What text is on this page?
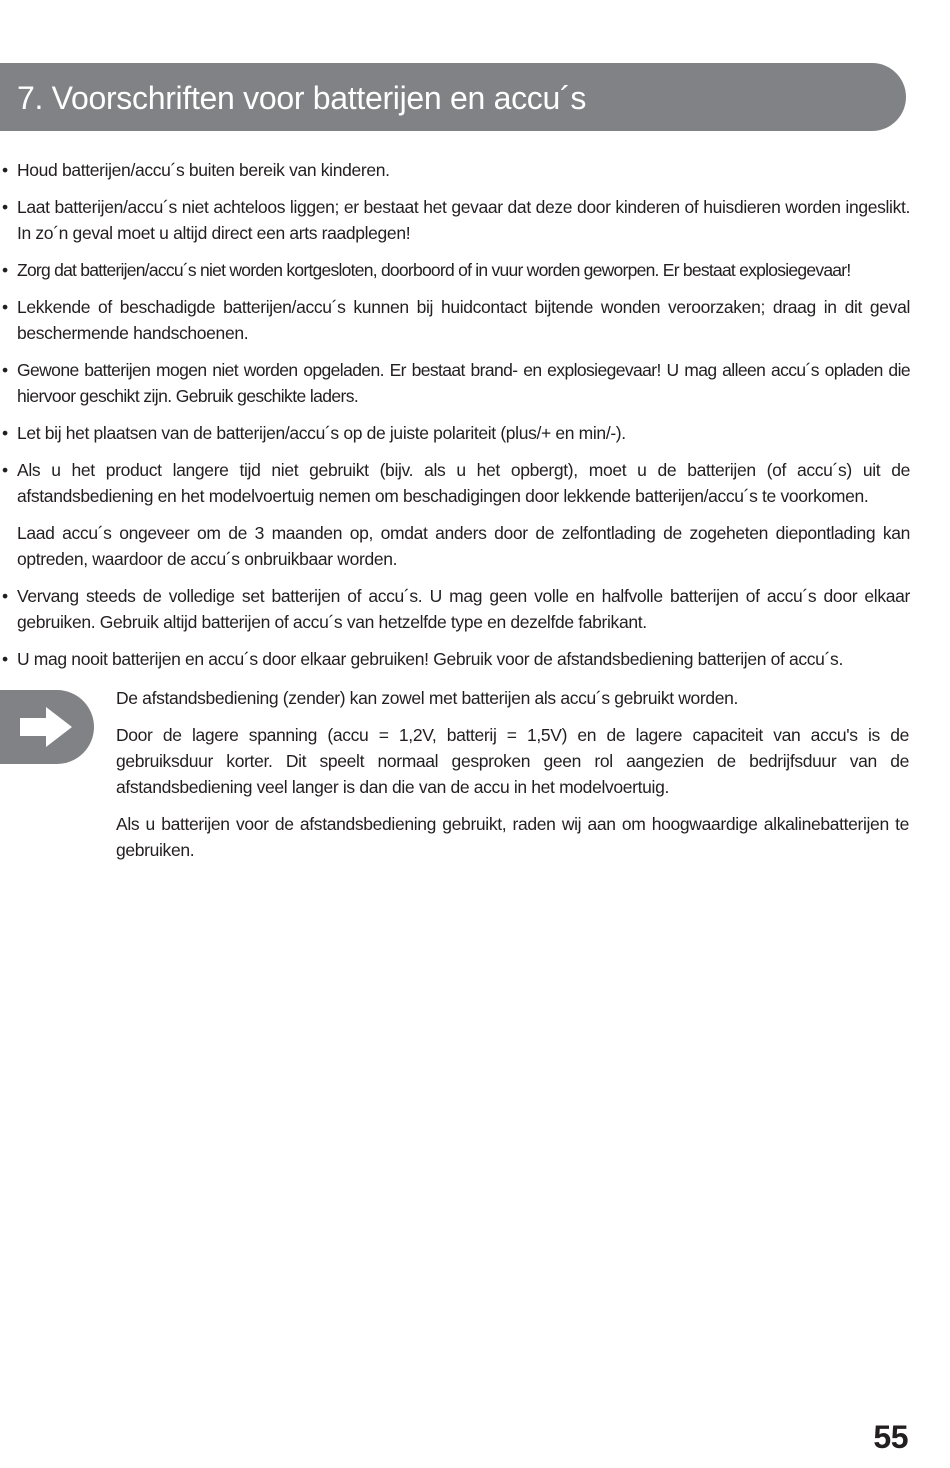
7. Voorschriften voor batterijen en accu´s
• Houd batterijen/accu´s buiten bereik van kinderen.
• Laat batterijen/accu´s niet achteloos liggen; er bestaat het gevaar dat deze door kinderen of huisdieren worden ingeslikt. In zo´n geval moet u altijd direct een arts raadplegen!
• Zorg dat batterijen/accu´s niet worden kortgesloten, doorboord of in vuur worden geworpen. Er bestaat explosiegevaar!
• Lekkende of beschadigde batterijen/accu´s kunnen bij huidcontact bijtende wonden veroorzaken; draag in dit geval beschermende handschoenen.
• Gewone batterijen mogen niet worden opgeladen. Er bestaat brand- en explosiegevaar! U mag alleen accu´s opladen die hiervoor geschikt zijn. Gebruik geschikte laders.
• Let bij het plaatsen van de batterijen/accu´s op de juiste polariteit (plus/+ en min/-).
• Als u het product langere tijd niet gebruikt (bijv. als u het opbergt), moet u de batterijen (of accu´s) uit de afstandsbediening en het modelvoertuig nemen om beschadigingen door lekkende batterijen/accu´s te voorkomen.

Laad accu´s ongeveer om de 3 maanden op, omdat anders door de zelfontlading de zogeheten diepontlading kan optreden, waardoor de accu´s onbruikbaar worden.

• Vervang steeds de volledige set batterijen of accu´s. U mag geen volle en halfvolle batterijen of accu´s door elkaar gebruiken. Gebruik altijd batterijen of accu´s van hetzelfde type en dezelfde fabrikant.
• U mag nooit batterijen en accu´s door elkaar gebruiken! Gebruik voor de afstandsbediening batterijen of accu´s.

De afstandsbediening (zender) kan zowel met batterijen als accu´s gebruikt worden.

Door de lagere spanning (accu = 1,2V, batterij = 1,5V) en de lagere capaciteit van accu's is de gebruiksduur korter. Dit speelt normaal gesproken geen rol aangezien de bedrijfsduur van de afstandsbediening veel langer is dan die van de accu in het modelvoertuig.

Als u batterijen voor de afstandsbediening gebruikt, raden wij aan om hoogwaardige alkalinebatterijen te gebruiken.

55
